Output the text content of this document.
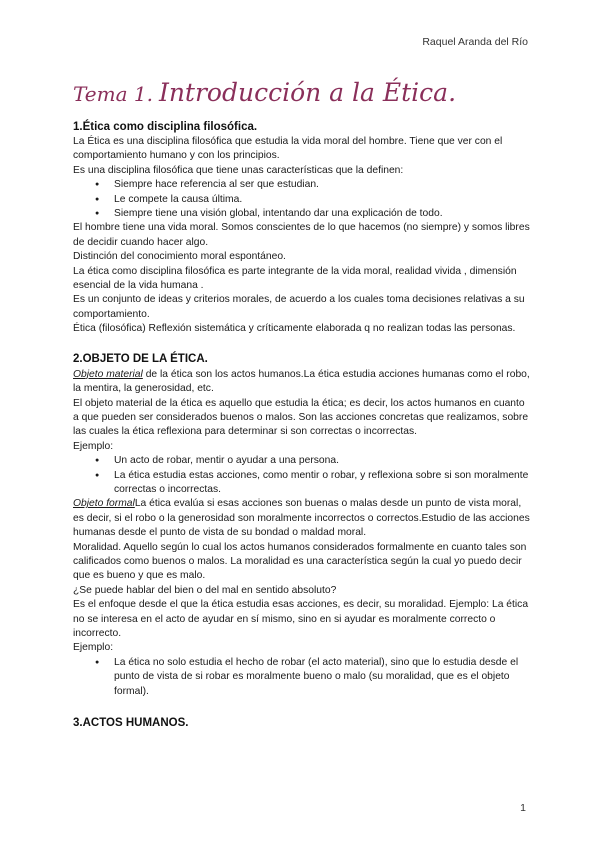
Raquel Aranda del Río
Tema 1. Introducción a la Ética.
1.Ética como disciplina filosófica.

La Ética es una disciplina filosófica que estudia la vida moral del hombre. Tiene que ver con el comportamiento humano y con los principios.

Es una disciplina filosófica que tiene unas características que la definen:

● Siempre hace referencia al ser que estudian.
● Le compete la causa última.
● Siempre tiene una visión global, intentando dar una explicación de todo.

El hombre tiene una vida moral. Somos conscientes de lo que hacemos (no siempre) y somos libres de decidir cuando hacer algo.

Distinción del conocimiento moral espontáneo.

La ética como disciplina filosófica es parte integrante de la vida moral, realidad vivida , dimensión esencial de la vida humana .

Es un conjunto de ideas y criterios morales, de acuerdo a los cuales toma decisiones relativas a su comportamiento.

Ética (filosófica) Reflexión sistemática y críticamente elaborada q no realizan todas las personas.

2.OBJETO DE LA ÉTICA.

Objeto material de la ética son los actos humanos.La ética estudia acciones humanas como el robo, la mentira, la generosidad, etc.

El objeto material de la ética es aquello que estudia la ética; es decir, los actos humanos en cuanto a que pueden ser considerados buenos o malos. Son las acciones concretas que realizamos, sobre las cuales la ética reflexiona para determinar si son correctas o incorrectas.

Ejemplo:

● Un acto de robar, mentir o ayudar a una persona.
● La ética estudia estas acciones, como mentir o robar, y reflexiona sobre si son moralmente correctas o incorrectas.

Objeto formalLa ética evalúa si esas acciones son buenas o malas desde un punto de vista moral, es decir, si el robo o la generosidad son moralmente incorrectos o correctos.Estudio de las acciones humanas desde el punto de vista de su bondad o maldad moral.

Moralidad. Aquello según lo cual los actos humanos considerados formalmente en cuanto tales son calificados como buenos o malos. La moralidad es una característica según la cual yo puedo decir que es bueno y que es malo.

¿Se puede hablar del bien o del mal en sentido absoluto?

Es el enfoque desde el que la ética estudia esas acciones, es decir, su moralidad. Ejemplo: La ética no se interesa en el acto de ayudar en sí mismo, sino en si ayudar es moralmente correcto o incorrecto.

Ejemplo:

● La ética no solo estudia el hecho de robar (el acto material), sino que lo estudia desde el punto de vista de si robar es moralmente bueno o malo (su moralidad, que es el objeto formal).
3.ACTOS HUMANOS.
1
